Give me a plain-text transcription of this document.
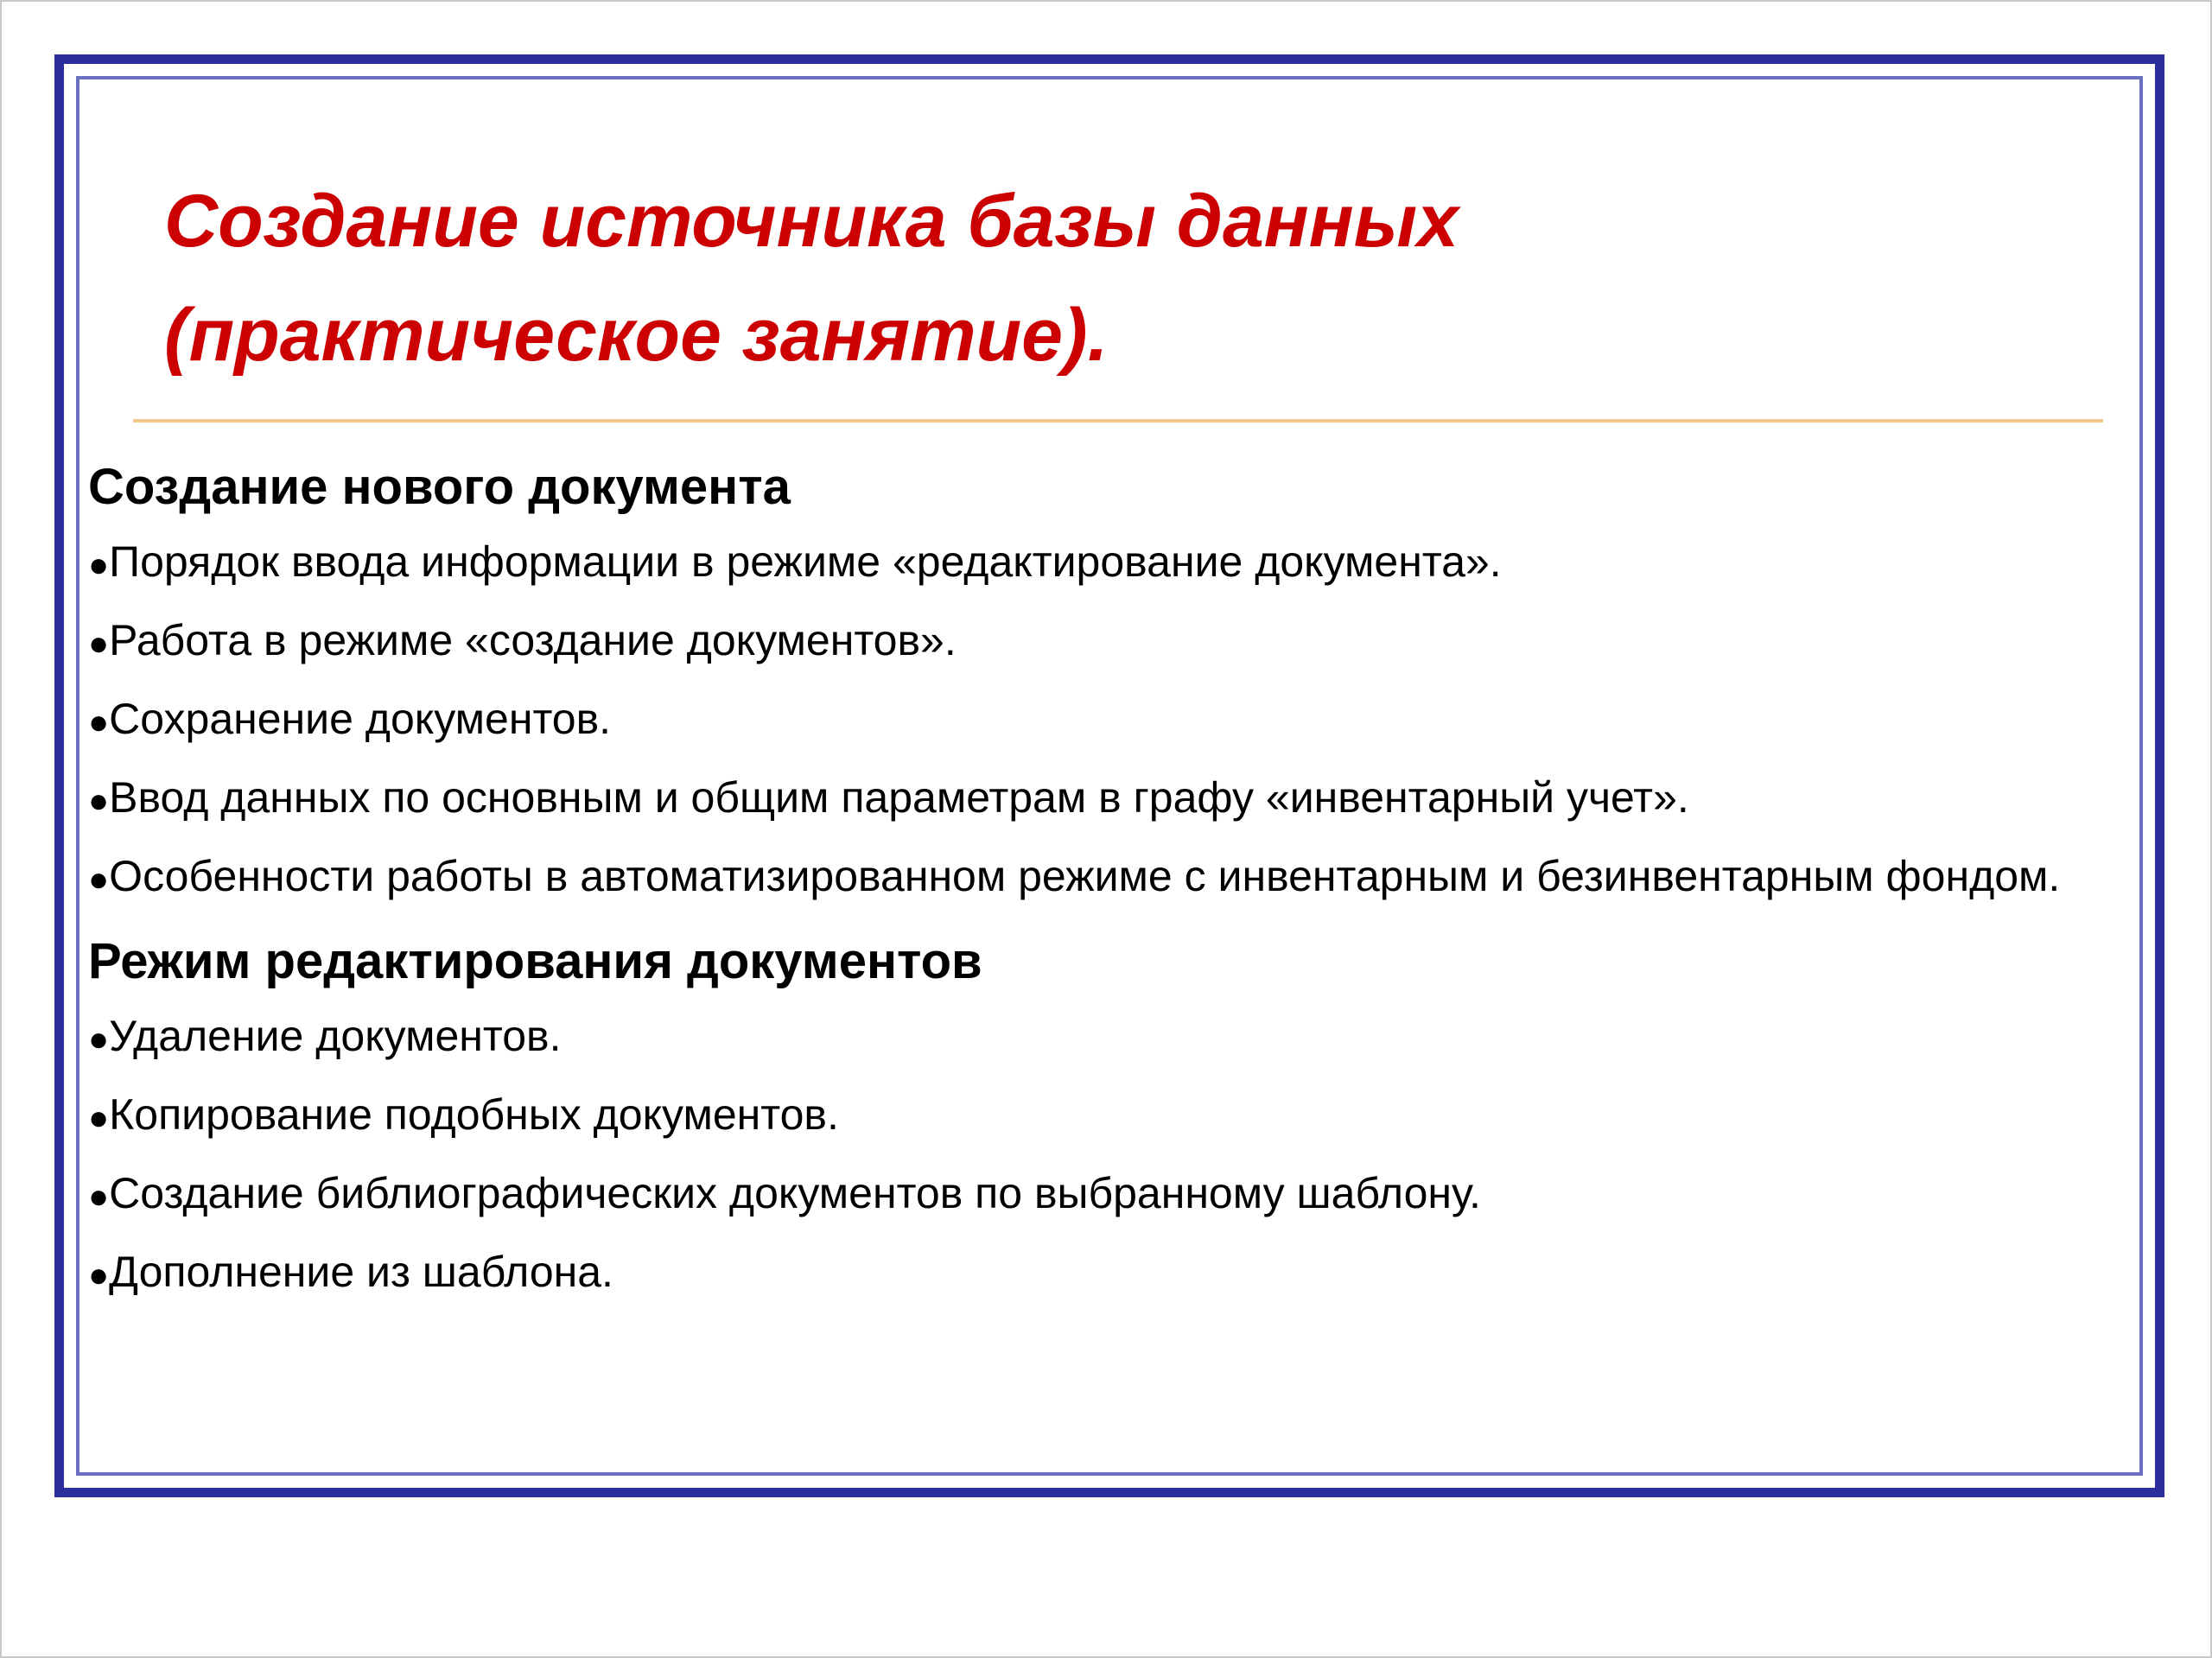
Создание источника базы данных
(практическое занятие).

Создание нового документа

●Порядок ввода информации в режиме «редактирование документа».

●Работа в режиме «создание документов».

●Сохранение документов.

●Ввод данных по основным и общим параметрам в графу «инвентарный учет».

●Особенности работы в автоматизированном режиме с инвентарным и безинвентарным фондом.

Режим редактирования документов

●Удаление документов.

●Копирование подобных документов.

●Создание библиографических документов по выбранному шаблону.

●Дополнение из шаблона.
